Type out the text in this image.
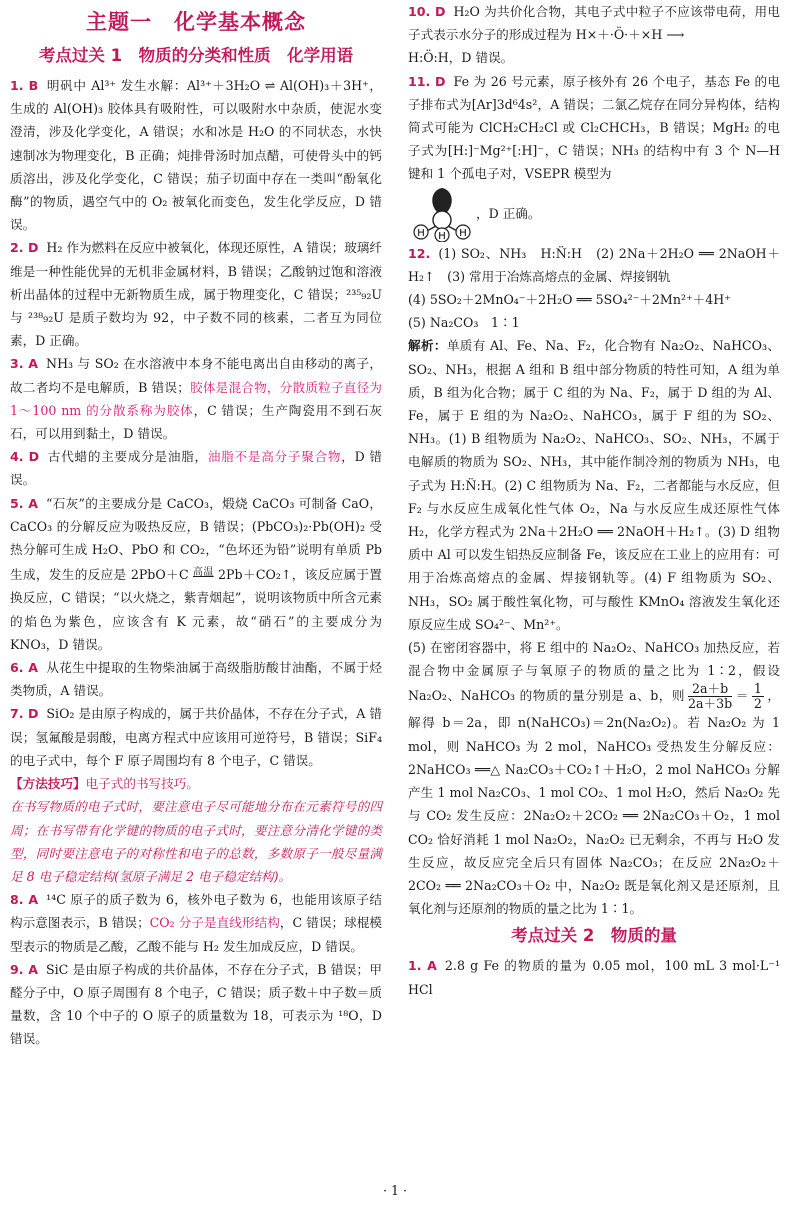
主题一　化学基本概念
考点过关 1　物质的分类和性质　化学用语

1. B 明矾中 Al³⁺ 发生水解：Al³⁺＋3H₂O ⇌ Al(OH)₃＋3H⁺，生成的 Al(OH)₃ 胶体具有吸附性，可以吸附水中杂质，使泥水变澄清，涉及化学变化，A 错误；水和冰是 H₂O 的不同状态，水快速制冰为物理变化，B 正确；炖排骨汤时加点醋，可使骨头中的钙质溶出，涉及化学变化，C 错误；茄子切面中存在一类叫“酚氧化酶”的物质，遇空气中的 O₂ 被氧化而变色，发生化学反应，D 错误。

2. D H₂ 作为燃料在反应中被氧化，体现还原性，A 错误；玻璃纤维是一种性能优异的无机非金属材料，B 错误；乙酸钠过饱和溶液析出晶体的过程中无新物质生成，属于物理变化，C 错误；²³⁵₉₂U 与 ²³⁸₉₂U 是质子数均为 92，中子数不同的核素，二者互为同位素，D 正确。

3. A NH₃ 与 SO₂ 在水溶液中本身不能电离出自由移动的离子，故二者均不是电解质，B 错误；胶体是混合物，分散质粒子直径为 1～100 nm 的分散系称为胶体，C 错误；生产陶瓷用不到石灰石，可以用到黏土，D 错误。

4. D 古代蜡的主要成分是油脂，油脂不是高分子聚合物，D 错误。

5. A “石灰”的主要成分是 CaCO₃，煅烧 CaCO₃ 可制备 CaO，CaCO₃ 的分解反应为吸热反应，B 错误；(PbCO₃)₂·Pb(OH)₂ 受热分解可生成 H₂O、PbO 和 CO₂，“色坏还为铅”说明有单质 Pb 生成，发生的反应是 2PbO＋C $^{高温}$ 2Pb＋CO₂↑，该反应属于置换反应，C 错误；“以火烧之，紫青烟起”，说明该物质中所含元素的焰色为紫色，应该含有 K 元素，故“硝石”的主要成分为 KNO₃，D 错误。

6. A 从花生中提取的生物柴油属于高级脂肪酸甘油酯，不属于烃类物质，A 错误。

7. D SiO₂ 是由原子构成的，属于共价晶体，不存在分子式，A 错误；氢氟酸是弱酸，电离方程式中应该用可逆符号，B 错误；SiF₄ 的电子式中，每个 F 原子周围均有 8 个电子，C 错误。

【方法技巧】电子式的书写技巧。
在书写物质的电子式时，要注意电子尽可能地分布在元素符号的四周；在书写带有化学键的物质的电子式时，要注意分清化学键的类型，同时要注意电子的对称性和电子的总数，多数原子一般尽量满足 8 电子稳定结构(氢原子满足 2 电子稳定结构)。

8. A ¹⁴C 原子的质子数为 6，核外电子数为 6，也能用该原子结构示意图表示，B 错误；CO₂ 分子是直线形结构，C 错误；球棍模型表示的物质是乙酸，乙酸不能与 H₂ 发生加成反应，D 错误。

9. A SiC 是由原子构成的共价晶体，不存在分子式，B 错误；甲醛分子中，O 原子周围有 8 个电子，C 错误；质子数＋中子数＝质量数，含 10 个中子的 O 原子的质量数为 18，可表示为 ¹⁸O，D 错误。

10. D H₂O 为共价化合物，其电子式中粒子不应该带电荷，用电子式表示水分子的形成过程为 H×＋·Ö·＋×H ⟶
H:Ö:H，D 错误。

11. D Fe 为 26 号元素，原子核外有 26 个电子，基态 Fe 的电子排布式为[Ar]3d⁶4s²，A 错误；二氯乙烷存在同分异构体，结构简式可能为 ClCH₂CH₂Cl 或 Cl₂CHCH₃，B 错误；MgH₂ 的电子式为[H:]⁻Mg²⁺[:H]⁻，C 错误；NH₃ 的结构中有 3 个 N—H 键和 1 个孤电子对，VSEPR 模型为

H H H
，D 正确。

12. (1) SO₂、NH₃　H:N̈:H　(2) 2Na＋2H₂O ══ 2NaOH＋H₂↑　(3) 常用于冶炼高熔点的金属、焊接钢轨

(4) 5SO₂＋2MnO₄⁻＋2H₂O ══ 5SO₄²⁻＋2Mn²⁺＋4H⁺

(5) Na₂CO₃　1∶1

解析：单质有 Al、Fe、Na、F₂，化合物有 Na₂O₂、NaHCO₃、SO₂、NH₃，根据 A 组和 B 组中部分物质的特性可知，A 组为单质，B 组为化合物；属于 C 组的为 Na、F₂，属于 D 组的为 Al、Fe，属于 E 组的为 Na₂O₂、NaHCO₃，属于 F 组的为 SO₂、NH₃。(1) B 组物质为 Na₂O₂、NaHCO₃、SO₂、NH₃，不属于电解质的物质为 SO₂、NH₃，其中能作制冷剂的物质为 NH₃，电子式为 H:N̈:H。(2) C 组物质为 Na、F₂，二者都能与水反应，但 F₂ 与水反应生成氧化性气体 O₂，Na 与水反应生成还原性气体 H₂，化学方程式为 2Na＋2H₂O ══ 2NaOH＋H₂↑。(3) D 组物质中 Al 可以发生铝热反应制备 Fe，该反应在工业上的应用有：可用于冶炼高熔点的金属、焊接钢轨等。(4) F 组物质为 SO₂、NH₃，SO₂ 属于酸性氧化物，可与酸性 KMnO₄ 溶液发生氧化还原反应生成 SO₄²⁻、Mn²⁺。

(5) 在密闭容器中，将 E 组中的 Na₂O₂、NaHCO₃ 加热反应，若混合物中金属原子与氧原子的物质的量之比为 1∶2，假设 Na₂O₂、NaHCO₃ 的物质的量分别是 a、b，则 $\frac{2a+b}{2a+3b} = \frac{1}{2}$ ，解得 b＝2a，即 n(NaHCO₃)＝2n(Na₂O₂)。若 Na₂O₂ 为 1 mol，则 NaHCO₃ 为 2 mol，NaHCO₃ 受热发生分解反应：2NaHCO₃ ══△ Na₂CO₃＋CO₂↑＋H₂O，2 mol NaHCO₃ 分解产生 1 mol Na₂CO₃、1 mol CO₂、1 mol H₂O，然后 Na₂O₂ 先与 CO₂ 发生反应：2Na₂O₂＋2CO₂ ══ 2Na₂CO₃＋O₂，1 mol CO₂ 恰好消耗 1 mol Na₂O₂，Na₂O₂ 已无剩余，不再与 H₂O 发生反应，故反应完全后只有固体 Na₂CO₃；在反应 2Na₂O₂＋2CO₂ ══ 2Na₂CO₃＋O₂ 中，Na₂O₂ 既是氧化剂又是还原剂，且氧化剂与还原剂的物质的量之比为 1∶1。

考点过关 2　物质的量

1. A 2.8 g Fe 的物质的量为 0.05 mol，100 mL 3 mol·L⁻¹ HCl

· 1 ·
